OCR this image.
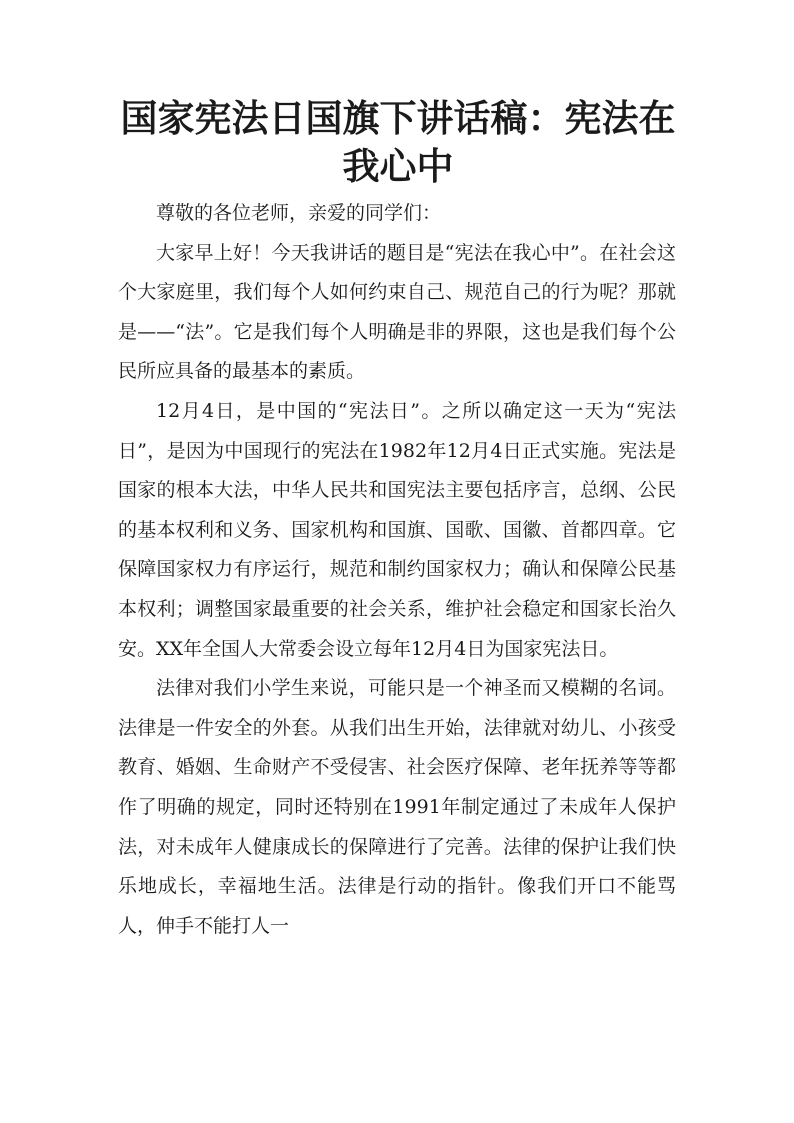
国家宪法日国旗下讲话稿：宪法在我心中

尊敬的各位老师，亲爱的同学们：

大家早上好！今天我讲话的题目是“宪法在我心中”。在社会这个大家庭里，我们每个人如何约束自己、规范自己的行为呢？那就是——“法”。它是我们每个人明确是非的界限，这也是我们每个公民所应具备的最基本的素质。

12月4日，是中国的“宪法日”。之所以确定这一天为“宪法日”，是因为中国现行的宪法在1982年12月4日正式实施。宪法是国家的根本大法，中华人民共和国宪法主要包括序言，总纲、公民的基本权利和义务、国家机构和国旗、国歌、国徽、首都四章。它保障国家权力有序运行，规范和制约国家权力；确认和保障公民基本权利；调整国家最重要的社会关系，维护社会稳定和国家长治久安。XX年全国人大常委会设立每年12月4日为国家宪法日。

法律对我们小学生来说，可能只是一个神圣而又模糊的名词。法律是一件安全的外套。从我们出生开始，法律就对幼儿、小孩受教育、婚姻、生命财产不受侵害、社会医疗保障、老年抚养等等都作了明确的规定，同时还特别在1991年制定通过了未成年人保护法，对未成年人健康成长的保障进行了完善。法律的保护让我们快乐地成长，幸福地生活。法律是行动的指针。像我们开口不能骂人，伸手不能打人一
